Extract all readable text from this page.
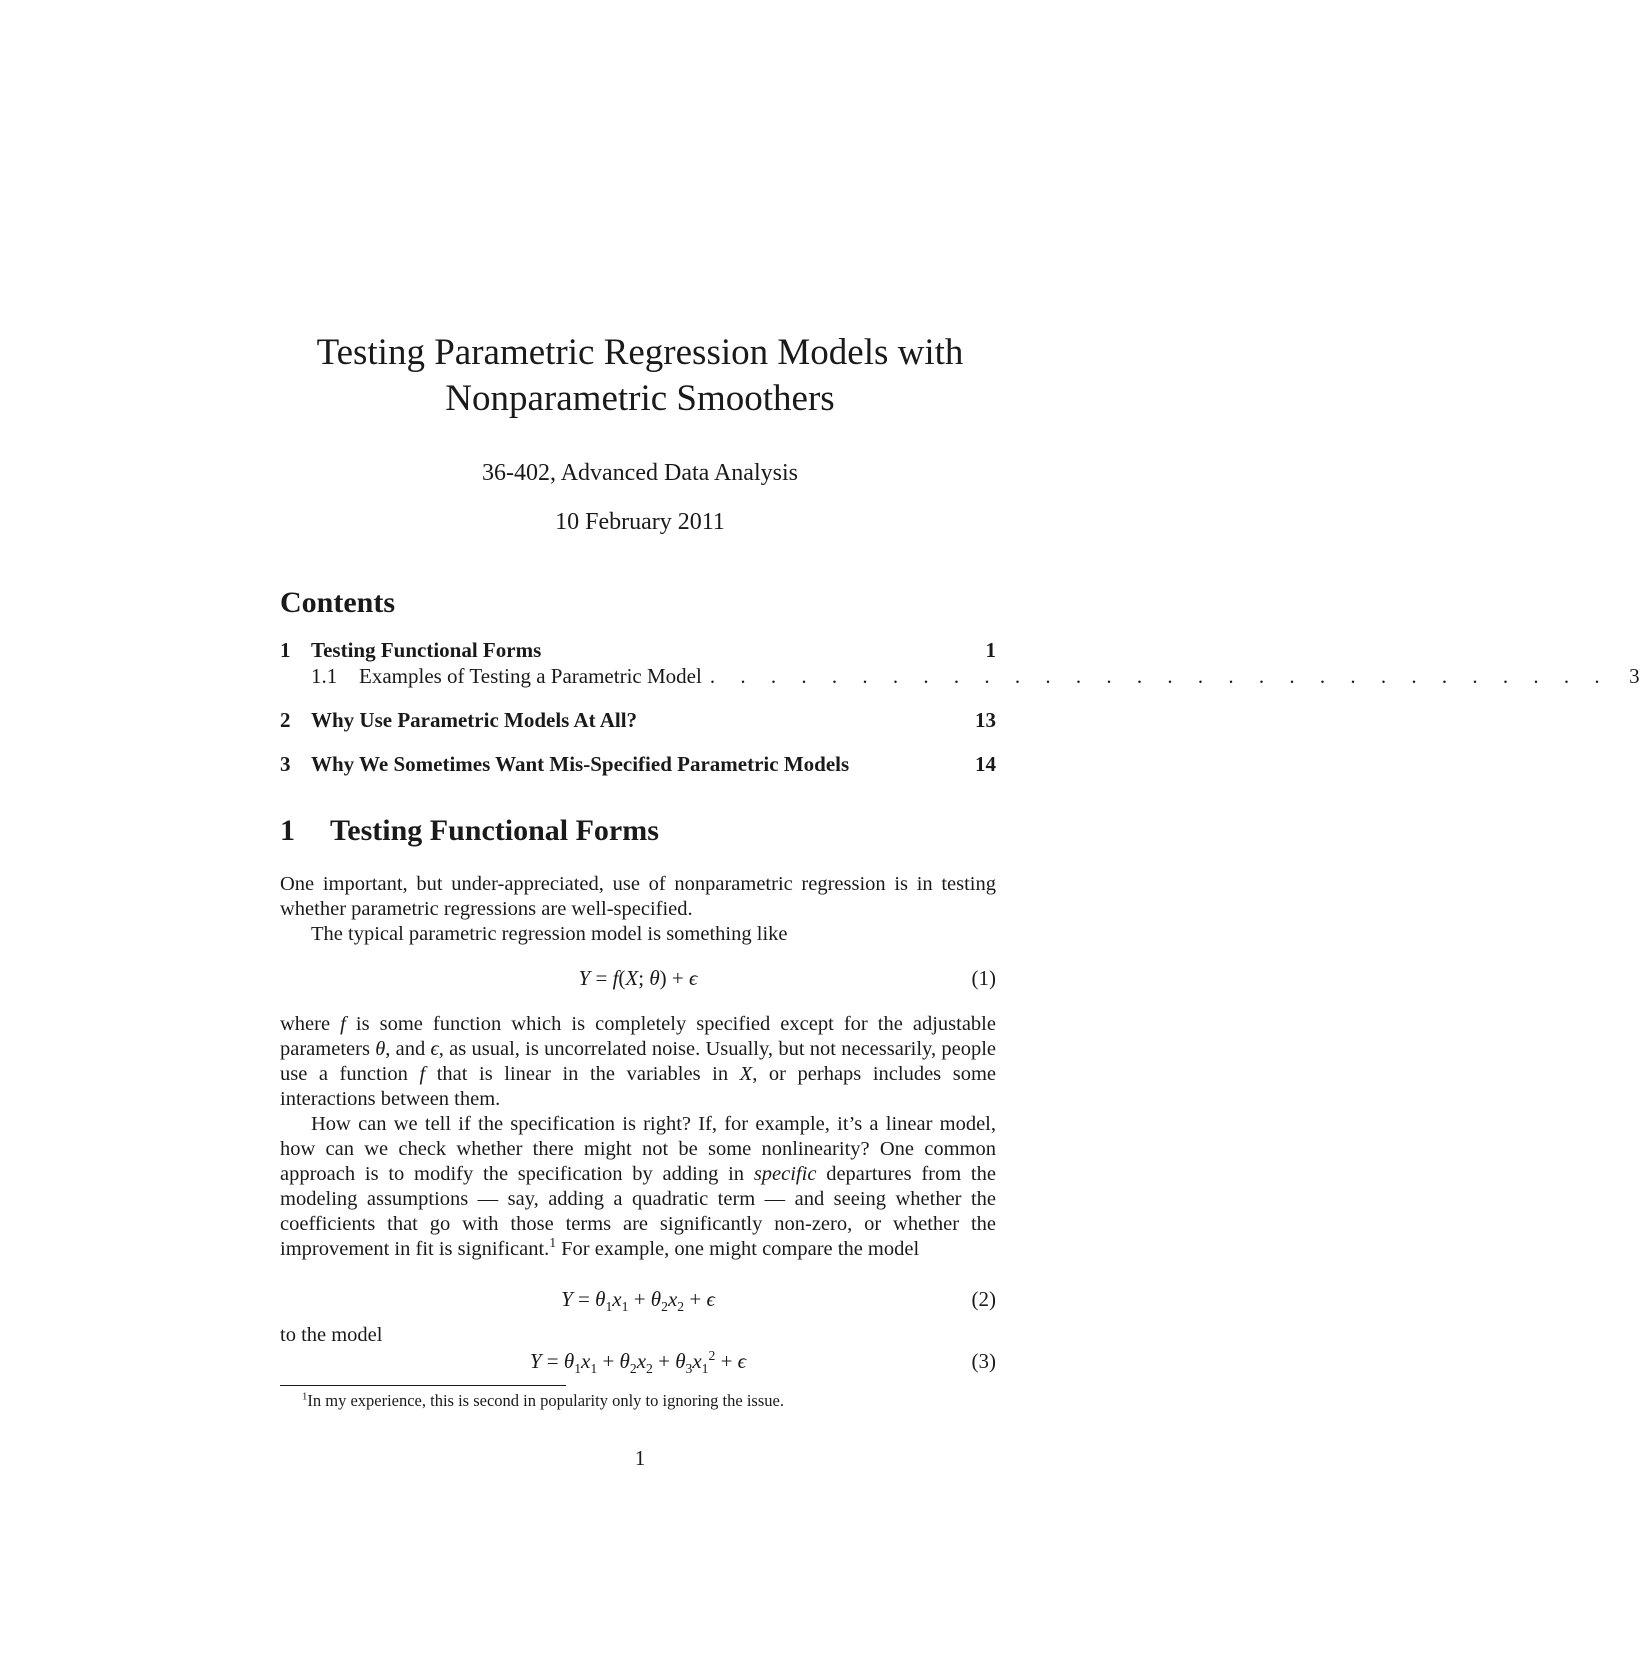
Testing Parametric Regression Models with Nonparametric Smoothers
36-402, Advanced Data Analysis
10 February 2011
Contents
1 Testing Functional Forms	1
1.1	Examples of Testing a Parametric Model . . . . . . . . . . . . . . . . . . . . . . . . . . . . . . 3
2 Why Use Parametric Models At All?	13
3 Why We Sometimes Want Mis-Specified Parametric Models	14
1 Testing Functional Forms
One important, but under-appreciated, use of nonparametric regression is in testing whether parametric regressions are well-specified.
The typical parametric regression model is something like
Y = f(X; θ) + ϵ	(1)
where f is some function which is completely specified except for the adjustable parameters θ, and ϵ, as usual, is uncorrelated noise. Usually, but not necessarily, people use a function f that is linear in the variables in X, or perhaps includes some interactions between them.
How can we tell if the specification is right? If, for example, it’s a linear model, how can we check whether there might not be some nonlinearity? One common approach is to modify the specification by adding in specific departures from the modeling assumptions — say, adding a quadratic term — and seeing whether the coefficients that go with those terms are significantly non-zero, or whether the improvement in fit is significant.$^1$ For example, one might compare the model
$Y = \theta_1x_1 + \theta_2x_2 + \epsilon$	(2)
to the model
$Y = \theta_1x_1 + \theta_2x_2 + \theta_3x_1^2 + \epsilon$	(3)
$^1$In my experience, this is second in popularity only to ignoring the issue.
1
